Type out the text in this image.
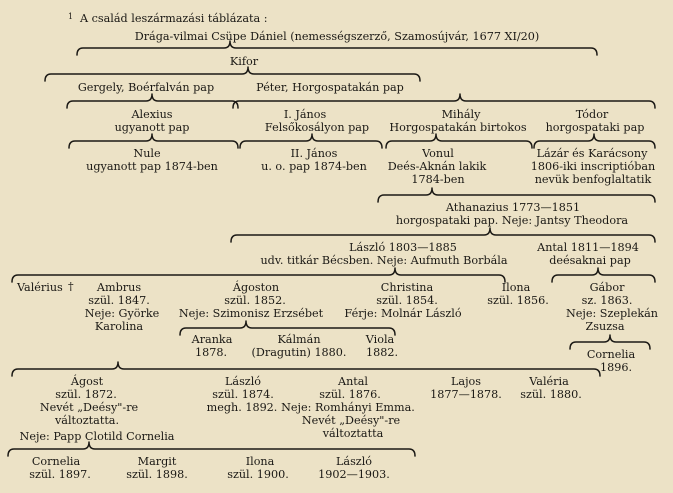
$^1$ A család leszármazási táblázata :
Drága-vilmai Csüpe Dániel (nemességszerző, Szamosújvár, 1677 XI/20)
Kifor
Gergely, Boérfalván pap	Péter, Horgospatakán pap
Alexius
ugyanott pap
I. János
Felsőkosályon pap
Mihály
Horgospatakán birtokos
Tódor
horgospataki pap
Nule
ugyanott pap 1874-ben
II. János
u. o. pap 1874-ben
Vonul
Deés-Aknán lakik
1784-ben
Lázár és Karácsony
1806-iki inscriptióban
nevük benfoglaltatik
Athanazius 1773—1851
horgospataki pap. Neje: Jantsy Theodora
László 1803—1885
udv. titkár Bécsben. Neje: Aufmuth Borbála
Antal 1811—1894
deésaknai pap
Valérius † Ambrus
szül. 1847.
Neje: Györke
Karolina
Ágoston
szül. 1852.
Neje: Szimonisz Erzsébet
Christina
szül. 1854.
Férje: Molnár László
Ilona
szül. 1856.
Gábor
sz. 1863.
Neje: Szeplekán
Zsuzsa
Aranka
1878.
Kálmán
(Dragutin) 1880.
Viola
1882.	Cornelia
1896.
Ágost
szül. 1872.
Nevét „Deésy"-re
változtatta.
Neje: Papp Clotild Cornelia
László
szül. 1874.
megh. 1892.
Antal
szül. 1876.
Neje: Romhányi Emma.
Nevét „Deésy"-re
változtatta
Lajos
1877—1878.
Valéria
szül. 1880.
Cornelia
szül. 1897.
Margit
szül. 1898.
Ilona
szül. 1900.
László
1902—1903.
